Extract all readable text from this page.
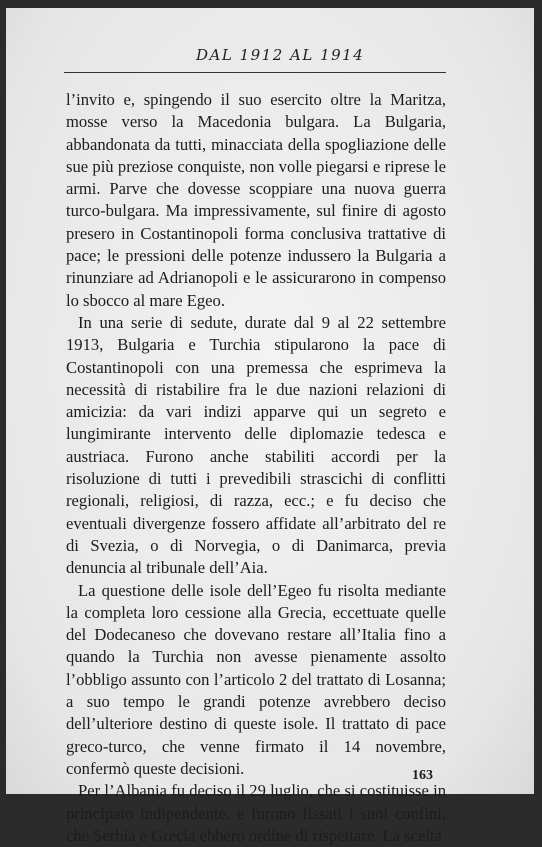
DAL 1912 AL 1914

l’invito e, spingendo il suo esercito oltre la Maritza, mosse verso la Macedonia bulgara. La Bulgaria, abbandonata da tutti, minacciata della spogliazione delle sue più preziose conquiste, non volle piegarsi e riprese le armi. Parve che dovesse scoppiare una nuova guerra turco-bulgara. Ma impressivamente, sul finire di agosto presero in Costantinopoli forma conclusiva trattative di pace; le pressioni delle potenze indussero la Bulgaria a rinunziare ad Adrianopoli e le assicurarono in compenso lo sbocco al mare Egeo.

In una serie di sedute, durate dal 9 al 22 settembre 1913, Bulgaria e Turchia stipularono la pace di Costantinopoli con una premessa che esprimeva la necessità di ristabilire fra le due nazioni relazioni di amicizia: da vari indizi apparve qui un segreto e lungimirante intervento delle diplomazie tedesca e austriaca. Furono anche stabiliti accordi per la risoluzione di tutti i prevedibili strascichi di conflitti regionali, religiosi, di razza, ecc.; e fu deciso che eventuali divergenze fossero affidate all’arbitrato del re di Svezia, o di Norvegia, o di Danimarca, previa denuncia al tribunale dell’Aia.

La questione delle isole dell’Egeo fu risolta mediante la completa loro cessione alla Grecia, eccettuate quelle del Dodecaneso che dovevano restare all’Italia fino a quando la Turchia non avesse pienamente assolto l’obbligo assunto con l’articolo 2 del trattato di Losanna; a suo tempo le grandi potenze avrebbero deciso dell’ulteriore destino di queste isole. Il trattato di pace greco-turco, che venne firmato il 14 novembre, confermò queste decisioni.

Per l’Albania fu deciso il 29 luglio, che si costituisse in principato indipendente, e furono fissati i suoi confini, che Serbia e Grecia ebbero ordine di rispettare. La scelta

163
